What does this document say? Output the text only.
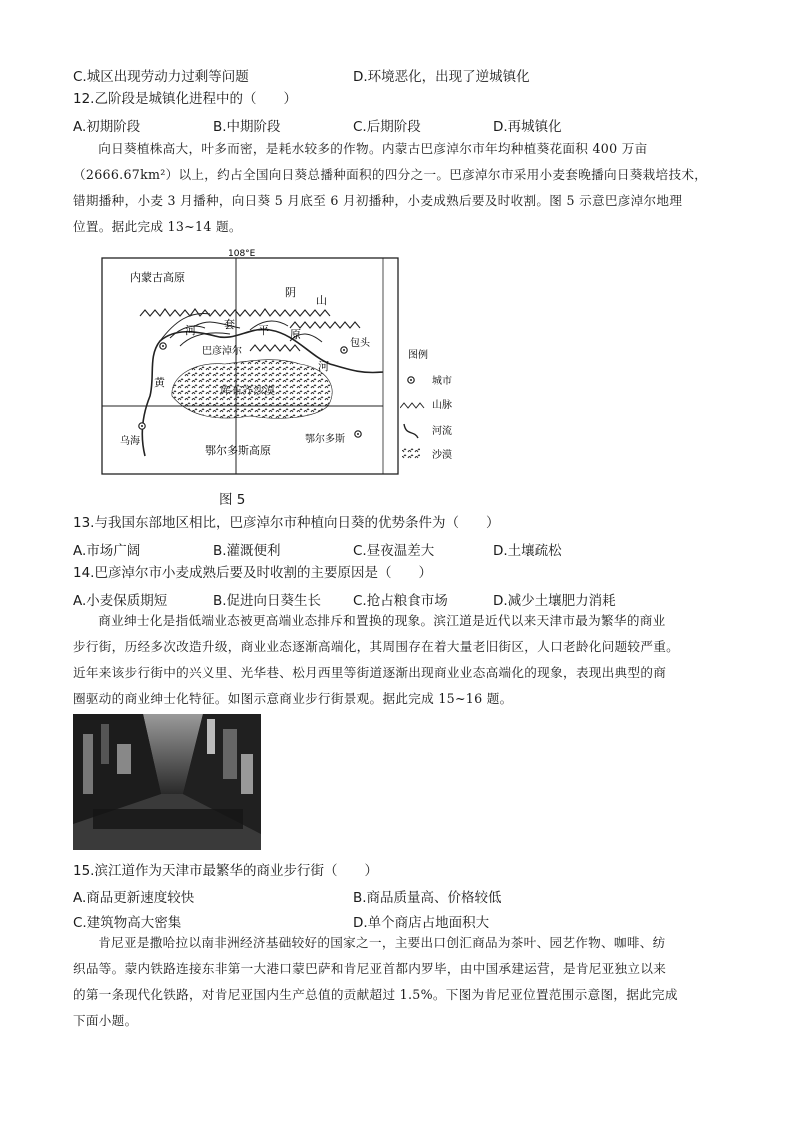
C.城区出现劳动力过剩等问题	D.环境恶化，出现了逆城镇化
12.乙阶段是城镇化进程中的（　　）
A.初期阶段	B.中期阶段	C.后期阶段	D.再城镇化

向日葵植株高大，叶多而密，是耗水较多的作物。内蒙古巴彦淖尔市年均种植葵花面积 400 万亩

（2666.67km²）以上，约占全国向日葵总播种面积的四分之一。巴彦淖尔市采用小麦套晚播向日葵栽培技术，

错期播种，小麦 3 月播种，向日葵 5 月底至 6 月初播种，小麦成熟后要及时收割。图 5 示意巴彦淖尔地理

位置。据此完成 13~14 题。

108°E
内蒙古高原
阴
山
河	套 平 原
巴彦淖尔
包头
黄
河
库布齐沙漠
乌海
鄂尔多斯高原
鄂尔多斯
图例
城市
山脉
河流
沙漠
图 5
13.与我国东部地区相比，巴彦淖尔市种植向日葵的优势条件为（　　）
A.市场广阔	B.灌溉便利	C.昼夜温差大	D.土壤疏松
14.巴彦淖尔市小麦成熟后要及时收割的主要原因是（　　）
A.小麦保质期短	B.促进向日葵生长 C.抢占粮食市场	D.减少土壤肥力消耗

商业绅士化是指低端业态被更高端业态排斥和置换的现象。滨江道是近代以来天津市最为繁华的商业

步行街，历经多次改造升级，商业业态逐渐高端化，其周围存在着大量老旧街区，人口老龄化问题较严重。

近年来该步行街中的兴义里、光华巷、松月西里等街道逐渐出现商业业态高端化的现象，表现出典型的商

圈驱动的商业绅士化特征。如图示意商业步行街景观。据此完成 15~16 题。

15.滨江道作为天津市最繁华的商业步行街（　　）
A.商品更新速度较快	B.商品质量高、价格较低
C.建筑物高大密集	D.单个商店占地面积大

肯尼亚是撒哈拉以南非洲经济基础较好的国家之一，主要出口创汇商品为茶叶、园艺作物、咖啡、纺

织品等。蒙内铁路连接东非第一大港口蒙巴萨和肯尼亚首都内罗毕，由中国承建运营，是肯尼亚独立以来

的第一条现代化铁路，对肯尼亚国内生产总值的贡献超过 1.5%。下图为肯尼亚位置范围示意图，据此完成

下面小题。
